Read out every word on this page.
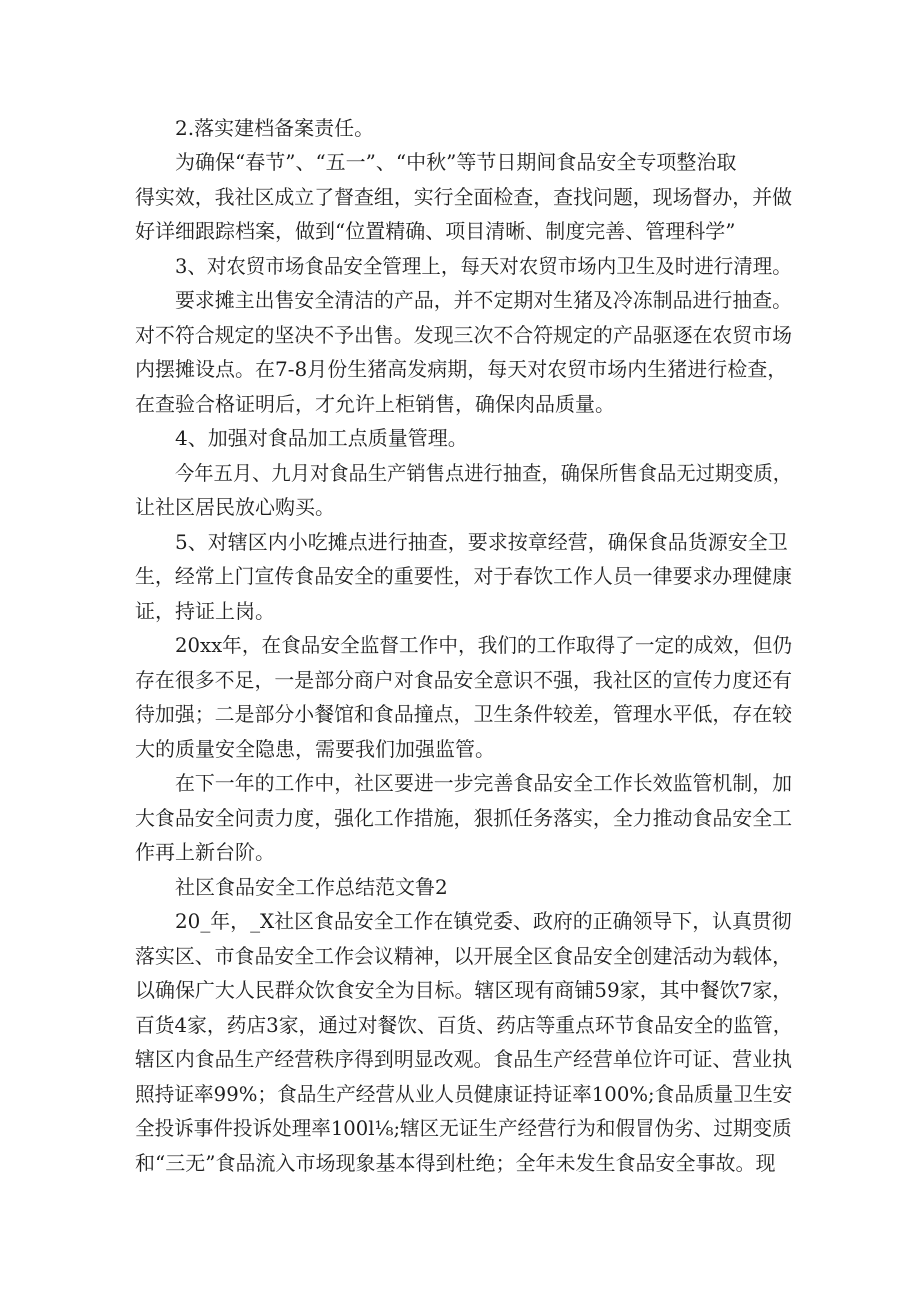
2.落实建档备案责任。
为确保“春节”、“五一”、“中秋”等节日期间食品安全专项整治取
得实效，我社区成立了督查组，实行全面检查，查找问题，现场督办，并做
好详细跟踪档案，做到“位置精确、项目清晰、制度完善、管理科学”
3、对农贸市场食品安全管理上，每天对农贸市场内卫生及时进行清理。
要求摊主出售安全清洁的产品，并不定期对生猪及冷冻制品进行抽查。
对不符合规定的坚决不予出售。发现三次不合符规定的产品驱逐在农贸市场
内摆摊设点。在7-8月份生猪高发病期，每天对农贸市场内生猪进行检查，
在查验合格证明后，才允许上柜销售，确保肉品质量。
4、加强对食品加工点质量管理。
今年五月、九月对食品生产销售点进行抽查，确保所售食品无过期变质，
让社区居民放心购买。
5、对辖区内小吃摊点进行抽查，要求按章经营，确保食品货源安全卫
生，经常上门宣传食品安全的重要性，对于春饮工作人员一律要求办理健康
证，持证上岗。
20xx年，在食品安全监督工作中，我们的工作取得了一定的成效，但仍
存在很多不足，一是部分商户对食品安全意识不强，我社区的宣传力度还有
待加强；二是部分小餐馆和食品撞点，卫生条件较差，管理水平低，存在较
大的质量安全隐患，需要我们加强监管。
在下一年的工作中，社区要进一步完善食品安全工作长效监管机制，加
大食品安全问责力度，强化工作措施，狠抓任务落实，全力推动食品安全工
作再上新台阶。
社区食品安全工作总结范文鲁2
20_年，_X社区食品安全工作在镇党委、政府的正确领导下，认真贯彻
落实区、市食品安全工作会议精神，以开展全区食品安全创建活动为载体，
以确保广大人民群众饮食安全为目标。辖区现有商铺59家，其中餐饮7家，
百货4家，药店3家，通过对餐饮、百货、药店等重点环节食品安全的监管，
辖区内食品生产经营秩序得到明显改观。食品生产经营单位许可证、营业执
照持证率99%；食品生产经营从业人员健康证持证率100%;食品质量卫生安
全投诉事件投诉处理率100l⅛;辖区无证生产经营行为和假冒伪劣、过期变质
和“三无”食品流入市场现象基本得到杜绝；全年未发生食品安全事故。现
